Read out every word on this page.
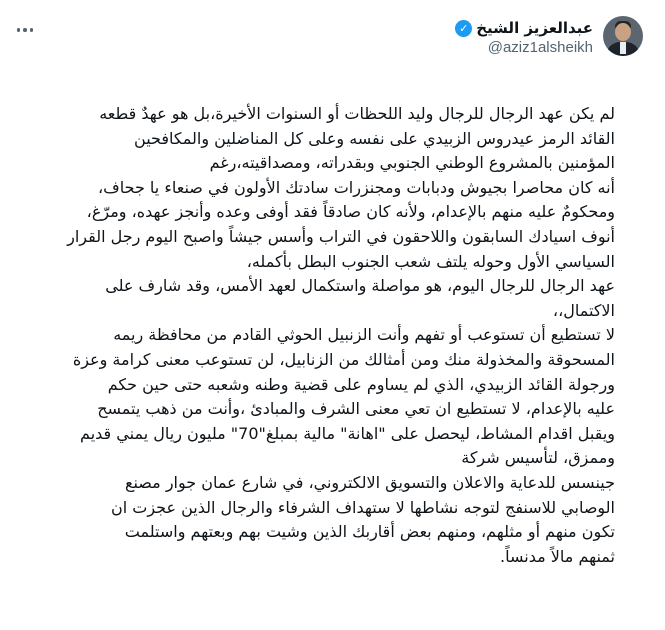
عبدالعزيز الشيخ
✓
@aziz1alsheikh
لم يكن عهد الرجال للرجال وليد اللحظات أو السنوات الأخيرة،بل هو عهدٌ قطعه
القائد الرمز عيدروس الزبيدي على نفسه وعلى كل المناضلين والمكافحين
المؤمنين بالمشروع الوطني الجنوبي وبقدراته، ومصداقيته،رغم
أنه كان محاصرا بجيوش ودبابات ومجنزرات سادتك الأولون في صنعاء يا جحاف،
ومحكومٌ عليه منهم بالإعدام، ولأنه كان صادقاً فقد أوفى وعده وأنجز عهده، ومرّغ،
أنوف اسيادك السابقون واللاحقون في التراب وأسس جيشاً واصبح اليوم رجل القرار
السياسي الأول وحوله يلتف شعب الجنوب البطل بأكمله،
عهد الرجال للرجال اليوم، هو مواصلة واستكمال لعهد الأمس، وقد شارف على
الاكتمال،،
لا تستطيع أن تستوعب أو تفهم وأنت الزنبيل الحوثي القادم من محافظة ريمه
المسحوقة والمخذولة منك ومن أمثالك من الزنابيل، لن تستوعب معنى كرامة وعزة
ورجولة القائد الزبيدي، الذي لم يساوم على قضية وطنه وشعبه حتى حين حكم
عليه بالإعدام، لا تستطيع ان تعي معنى الشرف والمبادئ ،وأنت من ذهب يتمسح
ويقبل اقدام المشاط، ليحصل على "اهانة" مالية بمبلغ"70" مليون ريال يمني قديم
وممزق، لتأسيس شركة
جينسس للدعاية والاعلان والتسويق الالكتروني، في شارع عمان جوار مصنع
الوصابي للاسنفج لتوجه نشاطها لا ستهداف الشرفاء والرجال الذين عجزت ان
تكون منهم أو مثلهم، ومنهم بعض أقاربك الذين وشيت بهم وبعتهم واستلمت
ثمنهم مالاً مدنساً.
